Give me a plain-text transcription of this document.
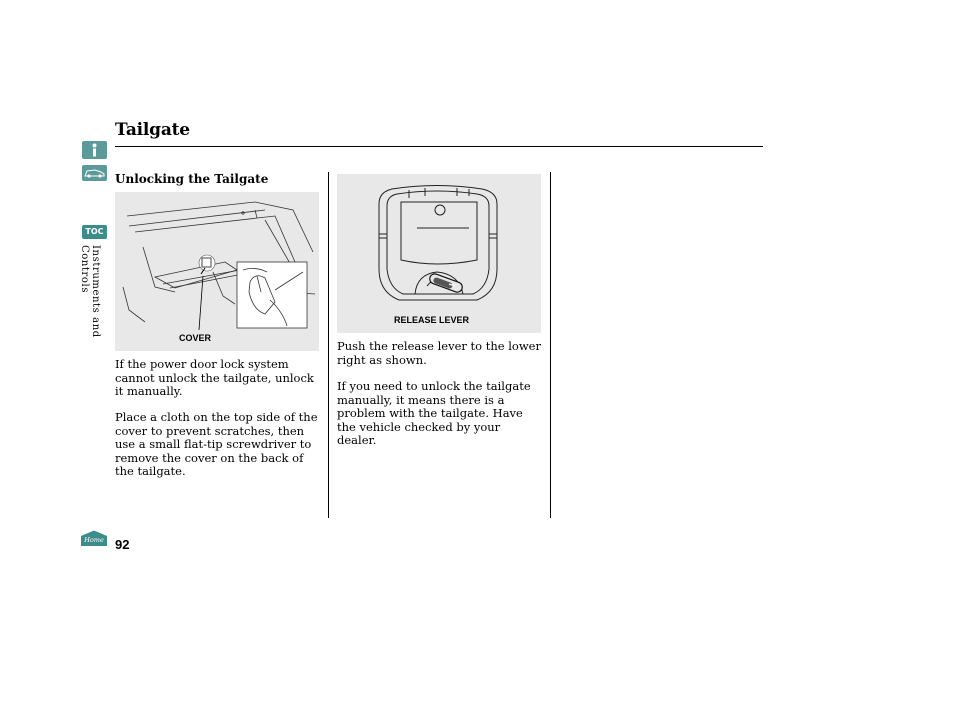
Tailgate
TOC
Instruments and Controls
Home
Unlocking the Tailgate
COVER
If the power door lock system cannot unlock the tailgate, unlock it manually.
Place a cloth on the top side of the cover to prevent scratches, then use a small flat-tip screwdriver to remove the cover on the back of the tailgate.
RELEASE LEVER
Push the release lever to the lower right as shown.
If you need to unlock the tailgate manually, it means there is a problem with the tailgate. Have the vehicle checked by your dealer.
92
